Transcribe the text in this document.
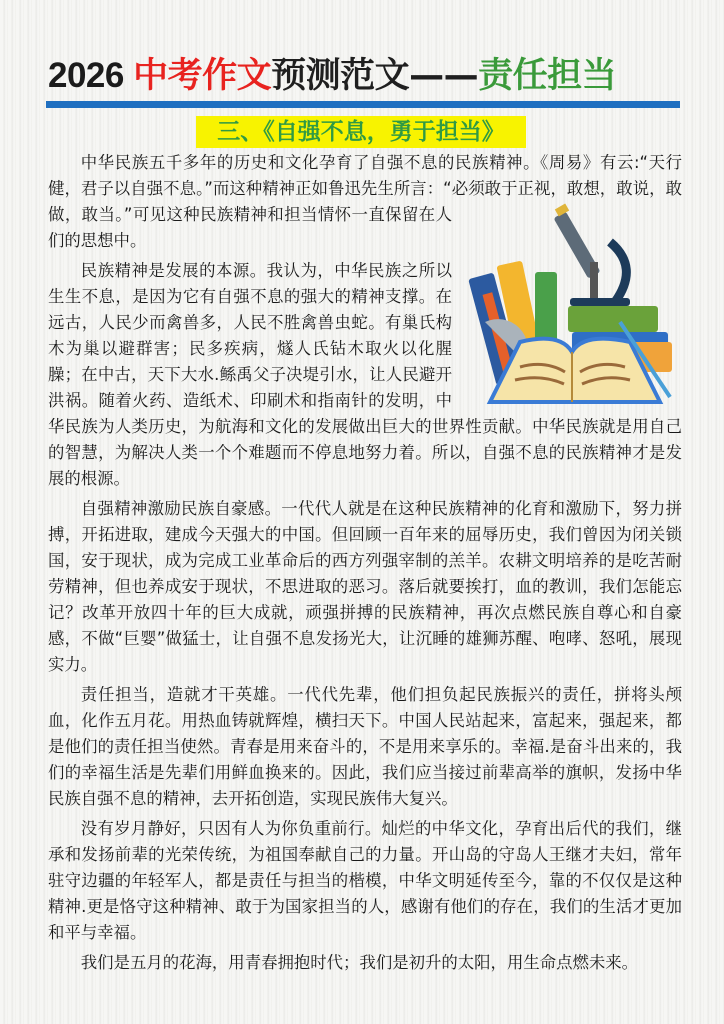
2026 中考作文预测范文——责任担当
三、《自强不息，勇于担当》

中华民族五千多年的历史和文化孕育了自强不息的民族精神。《周易》有云:“天行健，君子以自强不息。”而这种精神正如鲁迅先生所言：“必须敢于正视，敢想，敢说，敢做，敢当。”可见这种民族精神和担当情怀一直保留在人们的思想中。

民族精神是发展的本源。我认为，中华民族之所以生生不息，是因为它有自强不息的强大的精神支撑。在远古，人民少而禽兽多，人民不胜禽兽虫蛇。有巢氏构木为巢以避群害；民多疾病，燧人氏钻木取火以化腥臊；在中古，天下大水.鲧禹父子决堤引水，让人民避开洪祸。随着火药、造纸术、印刷术和指南针的发明，中华民族为人类历史，为航海和文化的发展做出巨大的世界性贡献。中华民族就是用自己的智慧，为解决人类一个个难题而不停息地努力着。所以，自强不息的民族精神才是发展的根源。

自强精神激励民族自豪感。一代代人就是在这种民族精神的化育和激励下，努力拼搏，开拓进取，建成今天强大的中国。但回顾一百年来的屈辱历史，我们曾因为闭关锁国，安于现状，成为完成工业革命后的西方列强宰制的羔羊。农耕文明培养的是吃苦耐劳精神，但也养成安于现状，不思进取的恶习。落后就要挨打，血的教训，我们怎能忘记？改革开放四十年的巨大成就，顽强拼搏的民族精神，再次点燃民族自尊心和自豪感，不做“巨婴”做猛士，让自强不息发扬光大，让沉睡的雄狮苏醒、咆哮、怒吼，展现实力。

责任担当，造就才干英雄。一代代先辈，他们担负起民族振兴的责任，拼将头颅血，化作五月花。用热血铸就辉煌，横扫天下。中国人民站起来，富起来，强起来，都是他们的责任担当使然。青春是用来奋斗的，不是用来享乐的。幸福.是奋斗出来的，我们的幸福生活是先辈们用鲜血换来的。因此，我们应当接过前辈高举的旗帜，发扬中华民族自强不息的精神，去开拓创造，实现民族伟大复兴。

没有岁月静好，只因有人为你负重前行。灿烂的中华文化，孕育出后代的我们，继承和发扬前辈的光荣传统，为祖国奉献自己的力量。开山岛的守岛人王继才夫妇，常年驻守边疆的年轻军人，都是责任与担当的楷模，中华文明延传至今，靠的不仅仅是这种精神.更是恪守这种精神、敢于为国家担当的人，感谢有他们的存在，我们的生活才更加和平与幸福。

我们是五月的花海，用青春拥抱时代；我们是初升的太阳，用生命点燃未来。
